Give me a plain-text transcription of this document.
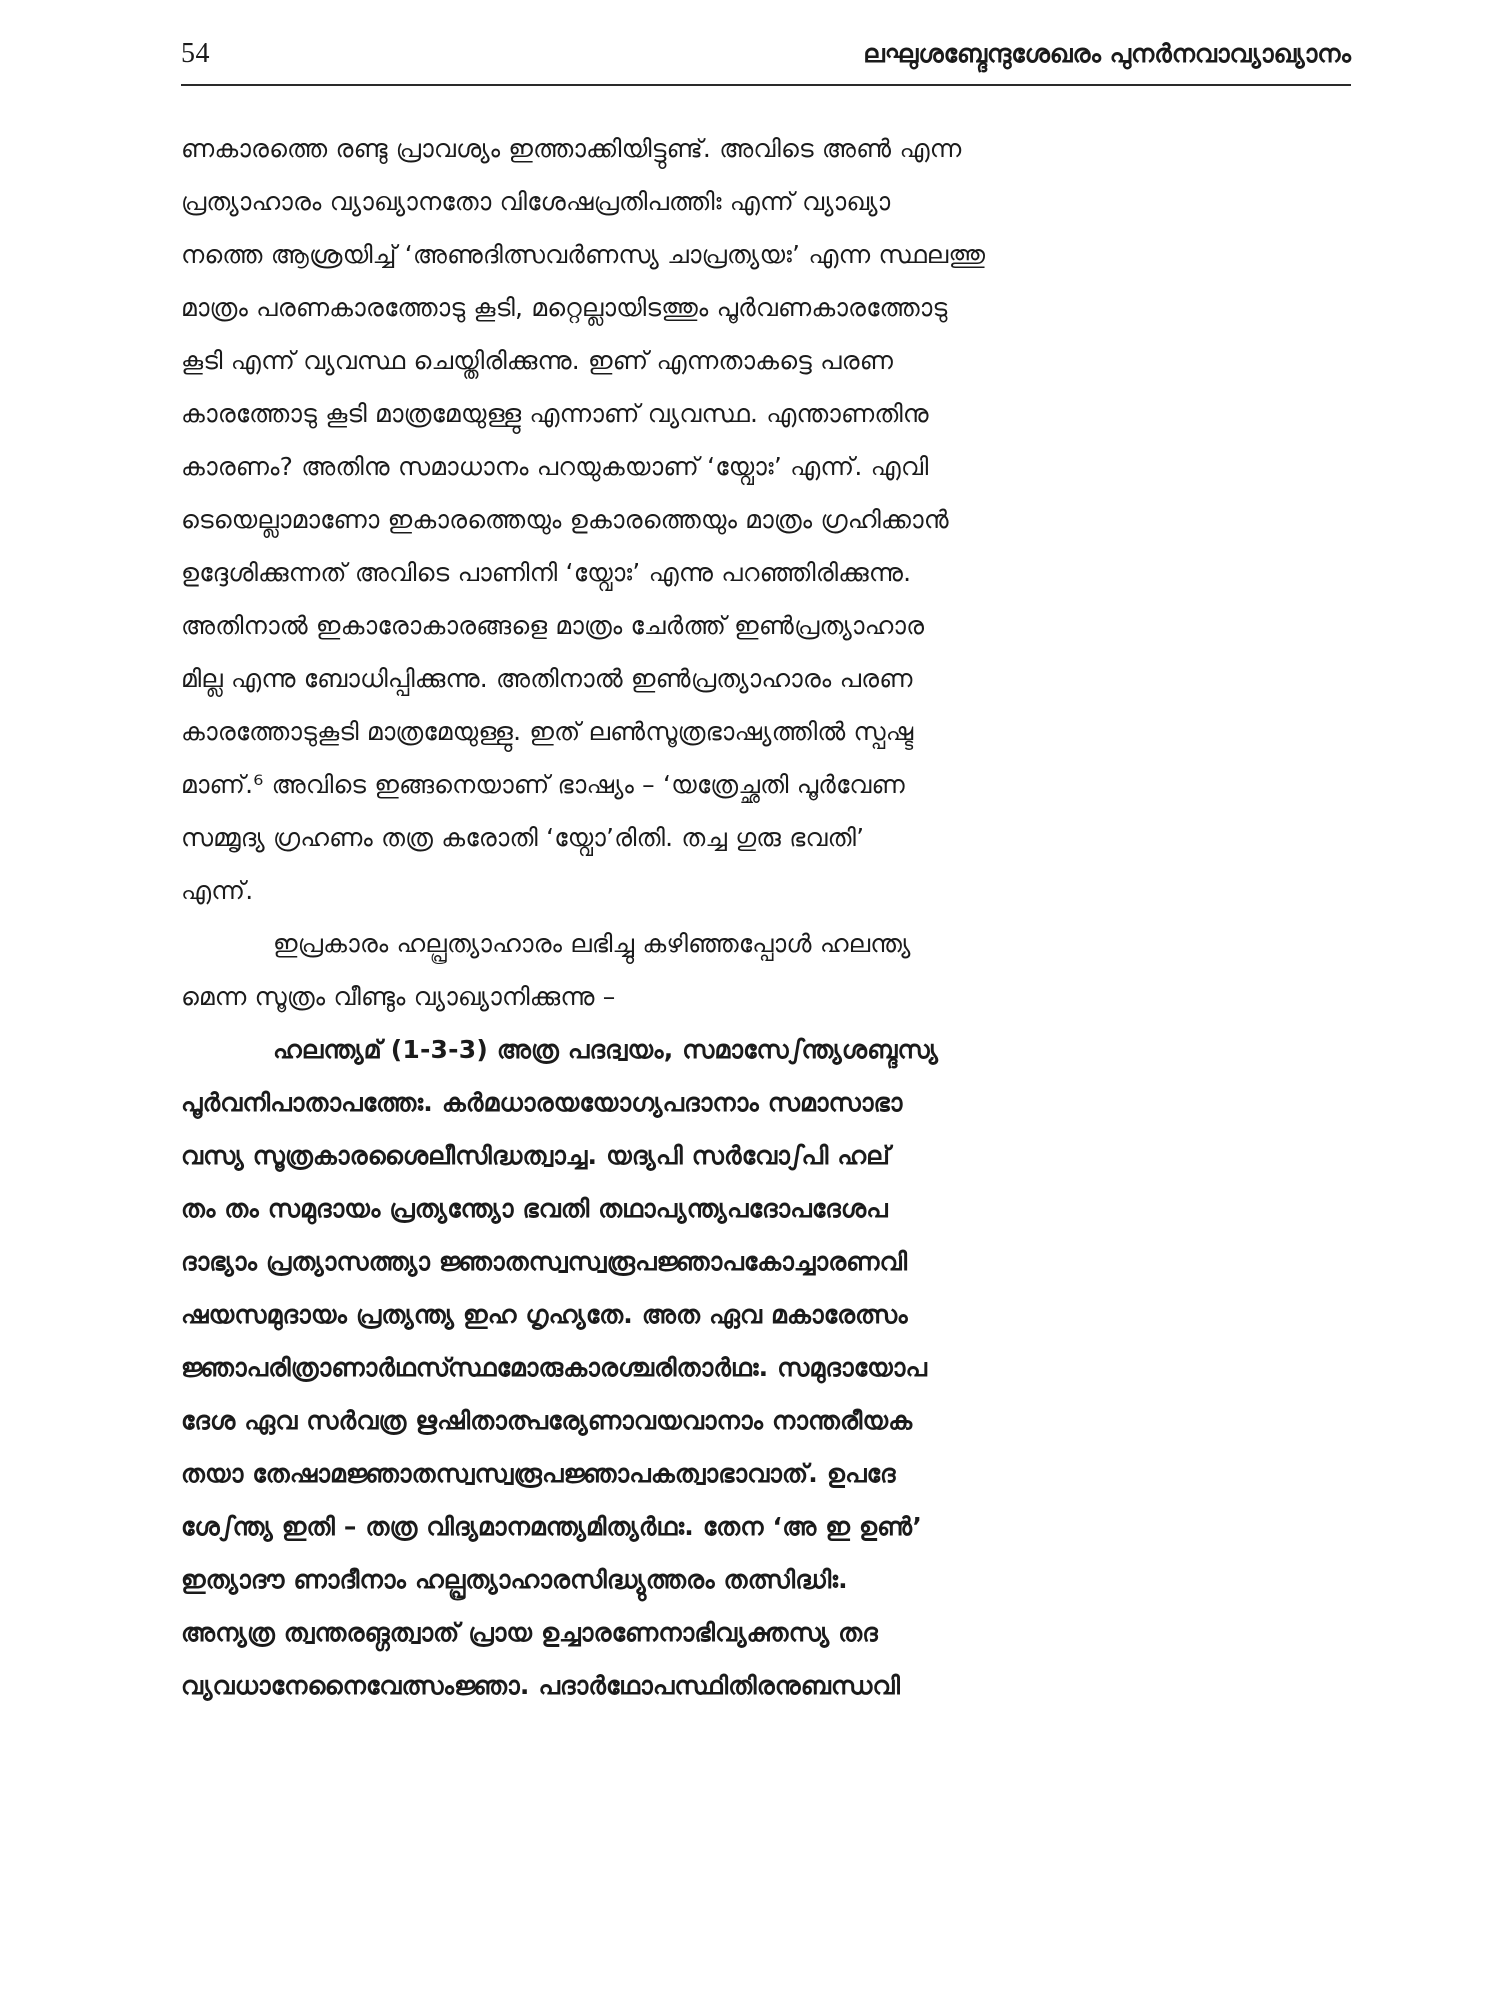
54	ലഘുശബ്ദേന്ദുശേഖരം പുനർനവാവ്യാഖ്യാനം
ണകാരത്തെ രണ്ടു പ്രാവശ്യം ഇത്താക്കിയിട്ടുണ്ട്. അവിടെ അൺ എന്ന
പ്രത്യാഹാരം വ്യാഖ്യാനതോ വിശേഷപ്രതിപത്തിഃ എന്ന് വ്യാഖ്യാ
നത്തെ ആശ്രയിച്ച് ‘അണുദിത്സവർണസ്യ ചാപ്രത്യയഃ’ എന്ന സ്ഥലത്തു
മാത്രം പരണകാരത്തോടു കൂടി, മറ്റെല്ലായിടത്തും പൂർവണകാരത്തോടു
കൂടി എന്ന് വ്യവസ്ഥ ചെയ്തിരിക്കുന്നു. ഇണ് എന്നതാകട്ടെ പരണ
കാരത്തോടു കൂടി മാത്രമേയുള്ളു എന്നാണ് വ്യവസ്ഥ. എന്താണതിനു
കാരണം? അതിനു സമാധാനം പറയുകയാണ് ‘യ്വോഃ’ എന്ന്. എവി
ടെയെല്ലാമാണോ ഇകാരത്തെയും ഉകാരത്തെയും മാത്രം ഗ്രഹിക്കാൻ
ഉദ്ദേശിക്കുന്നത് അവിടെ പാണിനി ‘യ്വോഃ’ എന്നു പറഞ്ഞിരിക്കുന്നു.
അതിനാൽ ഇകാരോകാരങ്ങളെ മാത്രം ചേർത്ത് ഇൺപ്രത്യാഹാര
മില്ല എന്നു ബോധിപ്പിക്കുന്നു. അതിനാൽ ഇൺപ്രത്യാഹാരം പരണ
കാരത്തോടുകൂടി മാത്രമേയുള്ളു. ഇത് ലൺസൂത്രഭാഷ്യത്തിൽ സ്പഷ്ട
മാണ്.⁶ അവിടെ ഇങ്ങനെയാണ് ഭാഷ്യം – ‘യത്രേച്ഛതി പൂർവേണ
സമ്മൃദ്യ ഗ്രഹണം തത്ര കരോതി ‘യ്വോ’രിതി. തച്ച ഗുരു ഭവതി’
എന്ന്.
ഇപ്രകാരം ഹല്പ്രത്യാഹാരം ലഭിച്ചു കഴിഞ്ഞപ്പോൾ ഹലന്ത്യ
മെന്ന സൂത്രം വീണ്ടും വ്യാഖ്യാനിക്കുന്നു –
ഹലന്ത്യമ് (1-3-3) അത്ര പദദ്വയം, സമാസേഽന്ത്യശബ്ദസ്യ
പൂർവനിപാതാപത്തേഃ. കർമധാരയയോഗ്യപദാനാം സമാസാഭാ
വസ്യ സൂത്രകാരശൈലീസിദ്ധത്വാച്ച. യദ്യപി സർവോഽപി ഹല്
തം തം സമുദായം പ്രത്യന്ത്യോ ഭവതി തഥാപ്യന്ത്യപദോപദേശപ
ദാഭ്യാം പ്രത്യാസത്ത്യാ ജ്ഞാതസ്വസ്വരൂപജ്ഞാപകോച്ചാരണവി
ഷയസമുദായം പ്രത്യന്ത്യ ഇഹ ഗൃഹ്യതേ. അത ഏവ മകാരേത്സം
ജ്ഞാപരിത്രാണാർഥസ്സ്ഥമോരുകാരശ്ചരിതാർഥഃ. സമുദായോപ
ദേശ ഏവ സർവത്ര ഋഷിതാത്പര്യേണാവയവാനാം നാന്തരീയക
തയാ തേഷാമജ്ഞാതസ്വസ്വരൂപജ്ഞാപകത്വാഭാവാത്. ഉപദേ
ശേഽന്ത്യ ഇതി – തത്ര വിദ്യമാനമന്ത്യമിത്യർഥഃ. തേന ‘അ ഇ ഉൺ’
ഇത്യാദൗ ണാദീനാം ഹല്പ്രത്യാഹാരസിദ്ധ്യുത്തരം തത്സിദ്ധിഃ.
അന്യത്ര ത്വന്തരങ്ഗത്വാത് പ്രായ ഉച്ചാരണേനാഭിവ്യക്തസ്യ തദ
വ്യവധാനേനൈവേത്സംജ്ഞാ. പദാർഥോപസ്ഥിതിരനുബന്ധവി
